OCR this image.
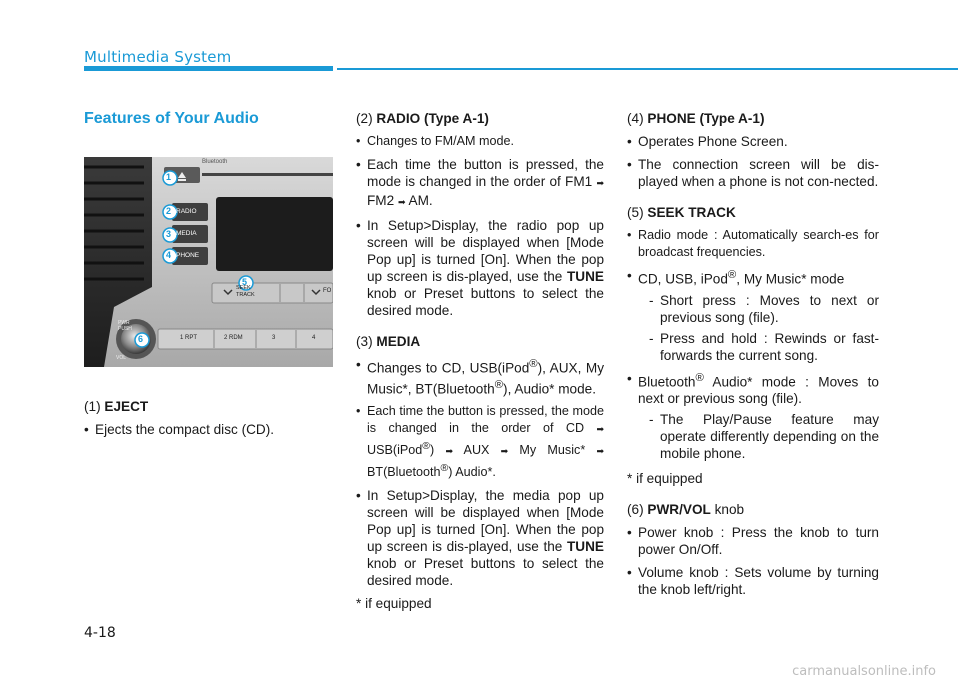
Multimedia System
Features of Your Audio
Bluetooth
RADIO
MEDIA
PHONE
SEEK
TRACK
FO
1 RPT	2 RDM	3	4
PWR
PUSH
VOL
1
2
3
4
5
6
(1) EJECT
• Ejects the compact disc (CD).
(2) RADIO (Type A-1)
• Changes to FM/AM mode.
• Each time the button is pressed, the mode is changed in the order of FM1 ➡ FM2 ➡ AM.
• In Setup>Display, the radio pop up screen will be displayed when [Mode Pop up] is turned [On]. When the pop up screen is dis-played, use the TUNE knob or Preset buttons to select the desired mode.
(3) MEDIA
• Changes to CD, USB(iPod®), AUX, My Music*, BT(Bluetooth®), Audio* mode.
• Each time the button is pressed, the mode is changed in the order of CD ➡ USB(iPod®) ➡ AUX ➡ My Music* ➡ BT(Bluetooth®) Audio*.
• In Setup>Display, the media pop up screen will be displayed when [Mode Pop up] is turned [On]. When the pop up screen is dis-played, use the TUNE knob or Preset buttons to select the desired mode.
* if equipped
(4) PHONE (Type A-1)
• Operates Phone Screen.
• The connection screen will be dis-played when a phone is not con-nected.
(5) SEEK TRACK
• Radio mode : Automatically search-es for broadcast frequencies.
• CD, USB, iPod®, My Music* mode
- Short press : Moves to next or previous song (file).
- Press and hold : Rewinds or fast-forwards the current song.
• Bluetooth® Audio* mode : Moves to next or previous song (file).
- The Play/Pause feature may operate differently depending on the mobile phone.
* if equipped
(6) PWR/VOL knob
• Power knob : Press the knob to turn power On/Off.
• Volume knob : Sets volume by turning the knob left/right.
4-18
carmanualsonline.info
